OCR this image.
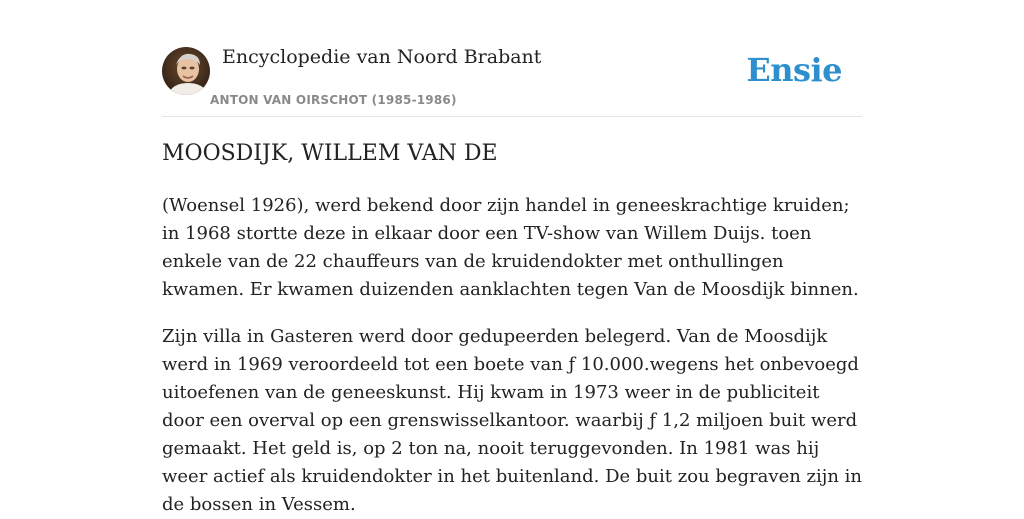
Encyclopedie van Noord Brabant
ANTON VAN OIRSCHOT (1985-1986)
Ensie
MOOSDIJK, WILLEM VAN DE

(Woensel 1926), werd bekend door zijn handel in geneeskrachtige kruiden; in 1968 stortte deze in elkaar door een TV-show van Willem Duijs. toen enkele van de 22 chauffeurs van de kruidendokter met onthullingen kwamen. Er kwamen duizenden aanklachten tegen Van de Moosdijk binnen.

Zijn villa in Gasteren werd door gedupeerden belegerd. Van de Moosdijk werd in 1969 veroordeeld tot een boete van ƒ 10.000.wegens het onbevoegd uitoefenen van de geneeskunst. Hij kwam in 1973 weer in de publiciteit door een overval op een grenswisselkantoor. waarbij ƒ 1,2 miljoen buit werd gemaakt. Het geld is, op 2 ton na, nooit teruggevonden. In 1981 was hij weer actief als kruidendokter in het buitenland. De buit zou begraven zijn in de bossen in Vessem.
